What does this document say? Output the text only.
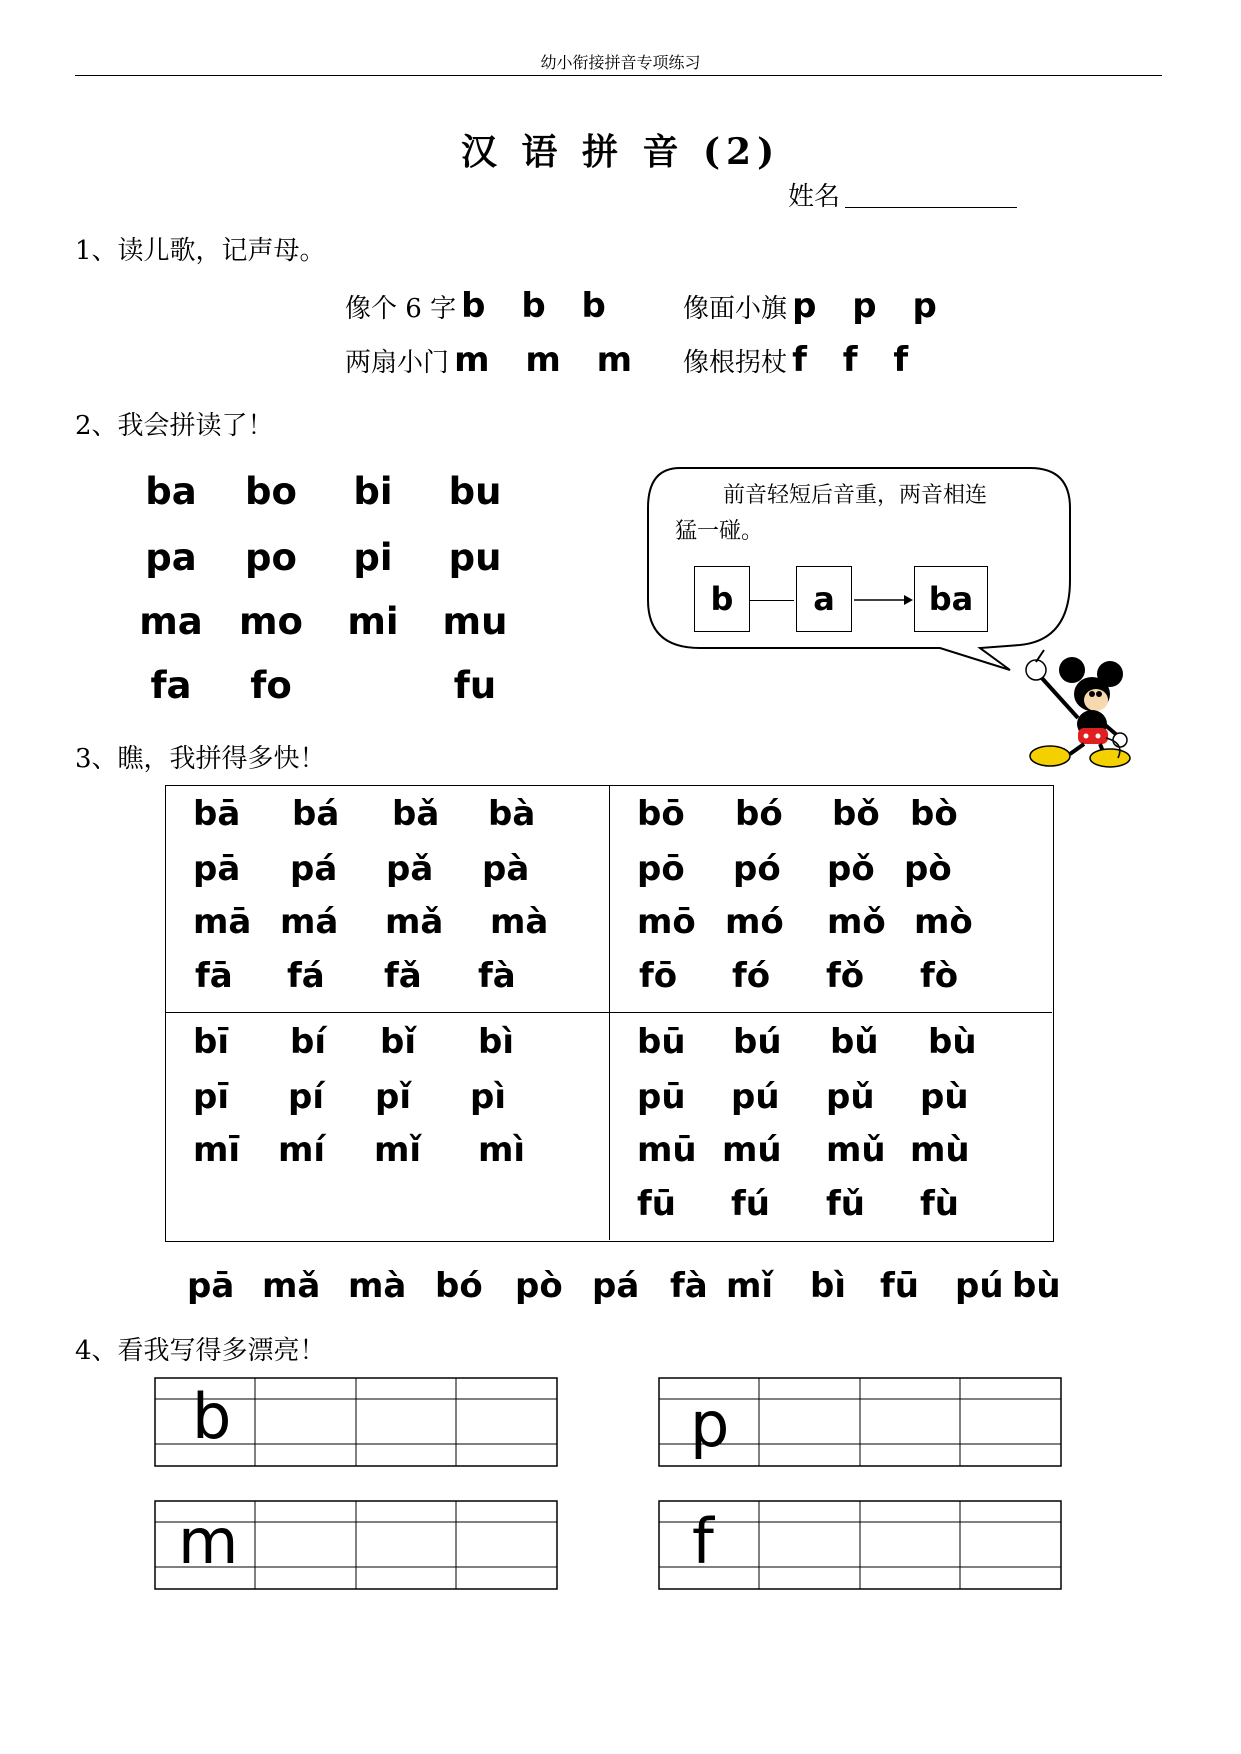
幼小衔接拼音专项练习
汉 语 拼 音 (2)
姓名
1、读儿歌，记声母。
像个 6 字 b b b	像面小旗 p p p
两扇小门 m m m 像根拐杖 f f f
2、我会拼读了！
ba	bo	bi	bu
pa	po	pi	pu
ma mo	mi	mu
fa	fo	fu
前音轻短后音重，两音相连
猛一碰。
b	a	ba
3、瞧，我拼得多快！
bā bá bǎ bà
pā pá pǎ pà
mā má mǎ mà
fā fá fǎ fà
bō bó bǒ bò
pō pó pǒ pò
mō mó mǒ mò
fō fó fǒ fò
bī bí bǐ bì
pī pí pǐ pì
mī mí mǐ mì
bū bú bǔ bù
pū pú pǔ pù
mū mú mǔ mù
fū fú fǔ fù
pā mǎ mà bó pò pá fà mǐ bì fū pú bù
4、看我写得多漂亮！
b	p
m	f
